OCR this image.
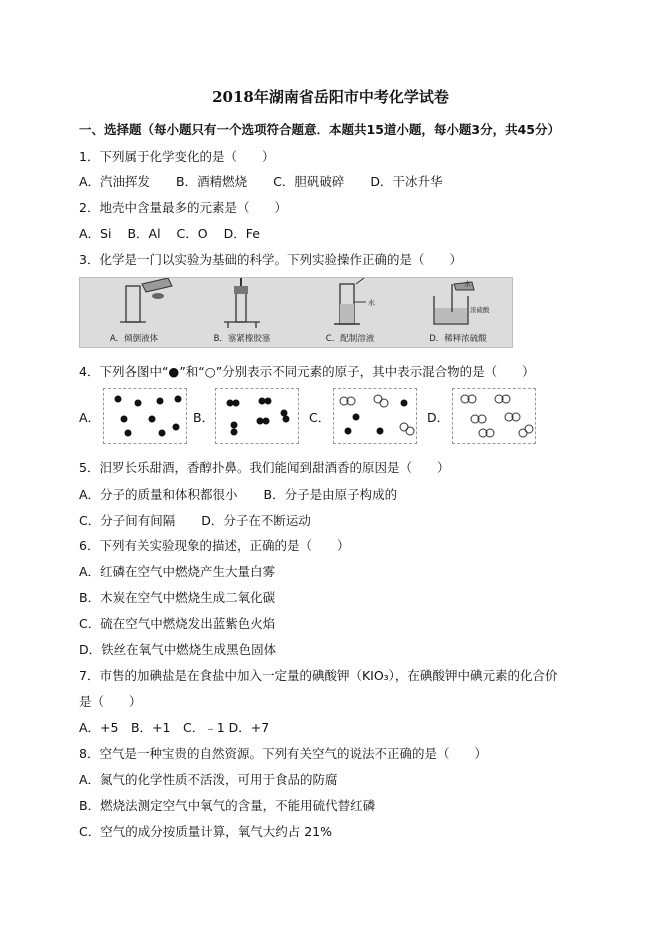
2018年湖南省岳阳市中考化学试卷
一、选择题（每小题只有一个选项符合题意．本题共15道小题，每小题3分，共45分）
1．下列属于化学变化的是（　　）
A．汽油挥发 B．酒精燃烧 C．胆矾破碎 D．干冰升华
2．地壳中含量最多的元素是（　　）
A．Si B．Al C．O D．Fe
3．化学是一门以实验为基础的科学。下列实验操作正确的是（　　）
A．倾倒液体	B．塞紧橡胶塞
水
C．配制溶液
水
浓硫酸
D．稀释浓硫酸
4．下列各图中“●”和“○”分别表示不同元素的原子，其中表示混合物的是（　　）
A．	B．	C．	D．
5．汨罗长乐甜酒，香醇扑鼻。我们能闻到甜酒香的原因是（　　）
A．分子的质量和体积都很小 B．分子是由原子构成的
C．分子间有间隔 D．分子在不断运动
6．下列有关实验现象的描述，正确的是（　　）
A．红磷在空气中燃烧产生大量白雾
B．木炭在空气中燃烧生成二氧化碳
C．硫在空气中燃烧发出蓝紫色火焰
D．铁丝在氧气中燃烧生成黑色固体
7．市售的加碘盐是在食盐中加入一定量的碘酸钾（KIO₃），在碘酸钾中碘元素的化合价
是（　　）
A．+5　B．+1　C．﹣1 D．+7
8．空气是一种宝贵的自然资源。下列有关空气的说法不正确的是（　　）
A．氮气的化学性质不活泼，可用于食品的防腐
B．燃烧法测定空气中氧气的含量，不能用硫代替红磷
C．空气的成分按质量计算，氧气大约占 21%
